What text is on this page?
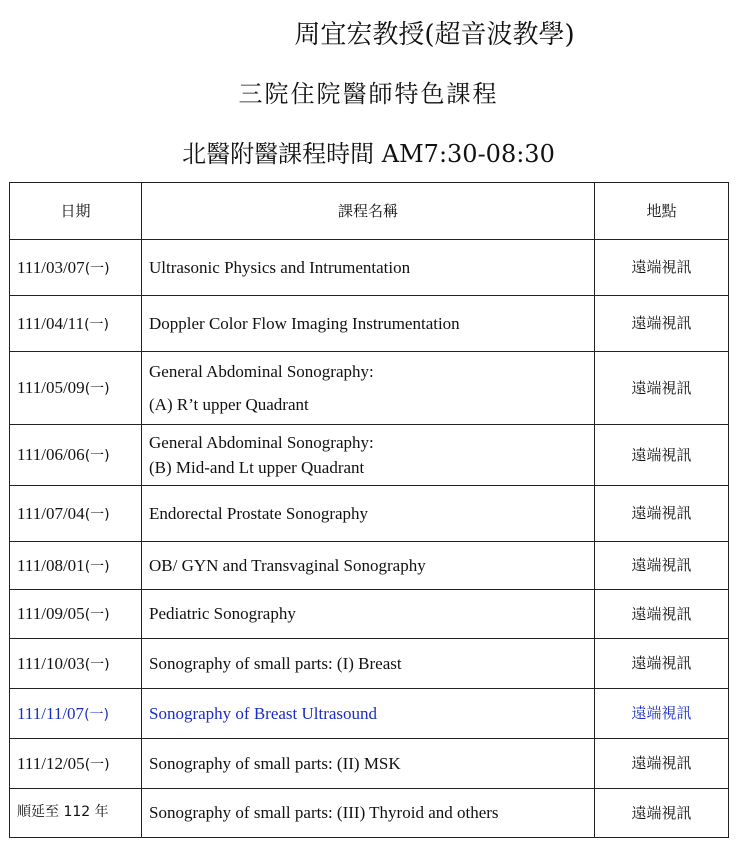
周宜宏教授(超音波教學)
三院住院醫師特色課程
北醫附醫課程時間 AM7:30-08:30
日期	課程名稱	地點
111/03/07(一)	Ultrasonic Physics and Intrumentation	遠端視訊
111/04/11(一)	Doppler Color Flow Imaging Instrumentation	遠端視訊
111/05/09(一)	General Abdominal Sonography:
(A) R’t upper Quadrant	遠端視訊
111/06/06(一)	General Abdominal Sonography:
(B) Mid-and Lt upper Quadrant	遠端視訊
111/07/04(一)	Endorectal Prostate Sonography	遠端視訊
111/08/01(一)	OB/ GYN and Transvaginal Sonography	遠端視訊
111/09/05(一)	Pediatric Sonography	遠端視訊
111/10/03(一)	Sonography of small parts: (I) Breast	遠端視訊
111/11/07(一)	Sonography of Breast Ultrasound	遠端視訊
111/12/05(一)	Sonography of small parts: (II) MSK	遠端視訊
順延至 112 年	Sonography of small parts: (III) Thyroid and others	遠端視訊
